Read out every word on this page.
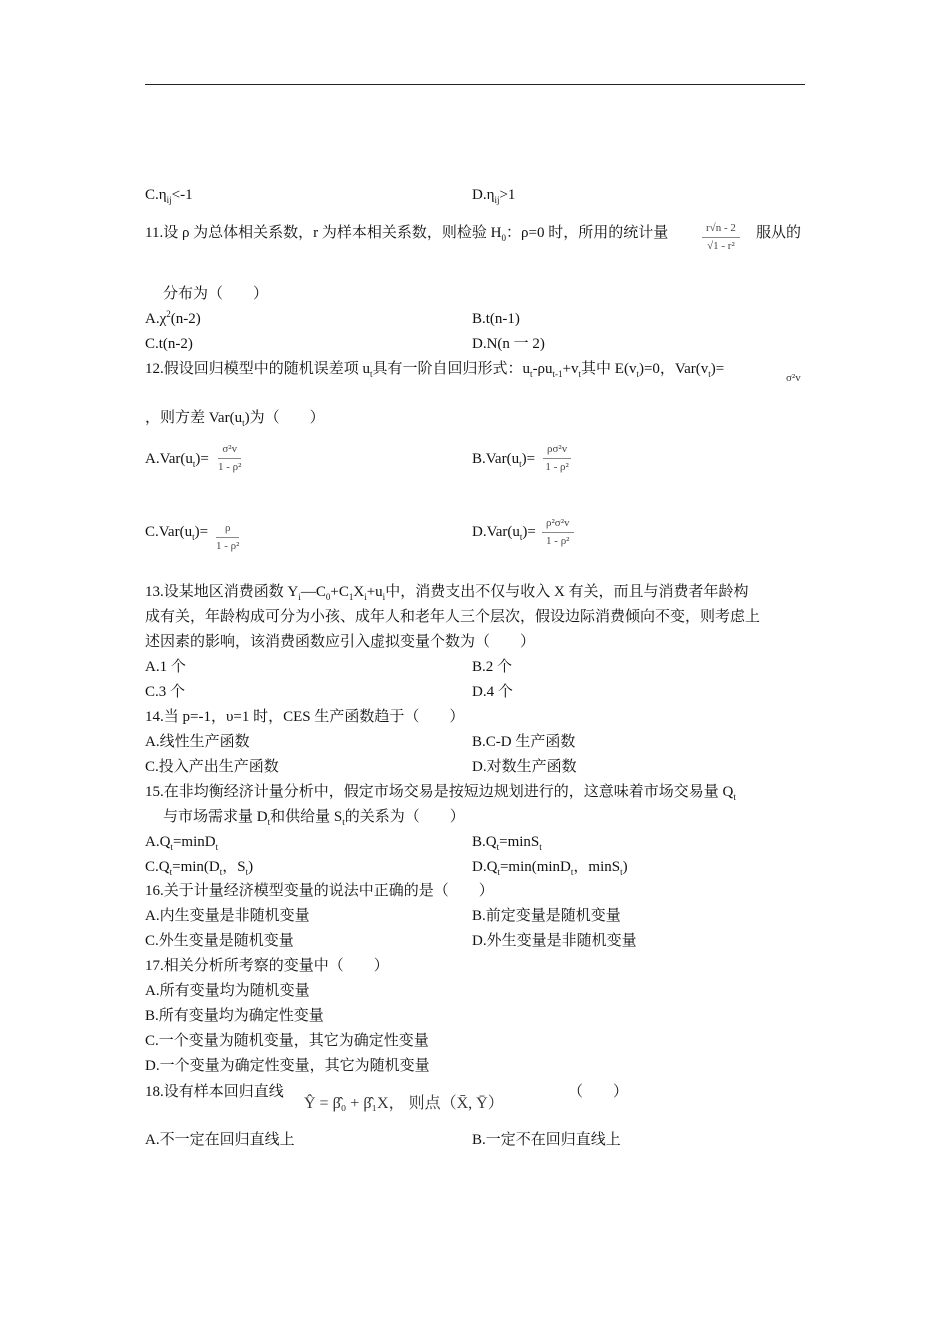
$C.\eta_{ij}<-1$	$D.\eta_{ij}>1$
11.设 ρ 为总体相关系数，r 为样本相关系数，则检验 $H_0$：ρ=0 时，所用的统计量	$\frac{r√n - 2}{\text{√1 - r²}}$ 服从的
分布为（　　）
$A.\chi^2(n-2)$	B.t(n-1)
C.t(n-2)	D.N(n 一 2)
12.假设回归模型中的随机误差项 $u_t$具有一阶自回归形式：$u_t-\rho u_{t-1}+v_t$其中 $E(v_t)=0$，$Var(v_t)=$
σ²v
，则方差 $Var(u_t)$为（　　）
$A.Var(u_t)= \frac{\text{σ²v}}{\text{1 - ρ²}}$	$B.Var(u_t)= \frac{\text{ρσ²v}}{\text{1 - ρ²}}$
$C.Var(u_t)= \frac{\rho}{\text{1 - ρ²}}$	$D.Var(u_t)= \frac{\text{ρ²σ²v}}{\text{1 - ρ²}}$
13.设某地区消费函数 $Y_i—C_0+C_1X_i+u_i$中，消费支出不仅与收入 X 有关，而且与消费者年龄构
成有关，年龄构成可分为小孩、成年人和老年人三个层次，假设边际消费倾向不变，则考虑上
述因素的影响，该消费函数应引入虚拟变量个数为（　　）
A.1 个	B.2 个
C.3 个	D.4 个
14.当 p=-1，υ=1 时，CES 生产函数趋于（　　）
A.线性生产函数	B.C-D 生产函数
C.投入产出生产函数	D.对数生产函数
15.在非均衡经济计量分析中，假定市场交易是按短边规划进行的，这意味着市场交易量 $Q_t$
与市场需求量 $D_t$和供给量 $S_t$的关系为（　　）
$A.Q_t=\min D_t$	$B.Q_t=\min S_t$
$C.Q_t=\min(D_t$，$S_t$)	$D.Q_t=\min(\min D_t$，minS$_t$)
16.关于计量经济模型变量的说法中正确的是（　　）
A.内生变量是非随机变量	B.前定变量是随机变量
C.外生变量是随机变量	D.外生变量是非随机变量
17.相关分析所考察的变量中（　　）
A.所有变量均为随机变量
B.所有变量均为确定性变量
C.一个变量为随机变量，其它为确定性变量
D.一个变量为确定性变量，其它为随机变量
18.设有样本回归直线
Ŷ = β̂₀ + β̂₁X， 则点（X̄, Ȳ）
（　　）
A.不一定在回归直线上	B.一定不在回归直线上
